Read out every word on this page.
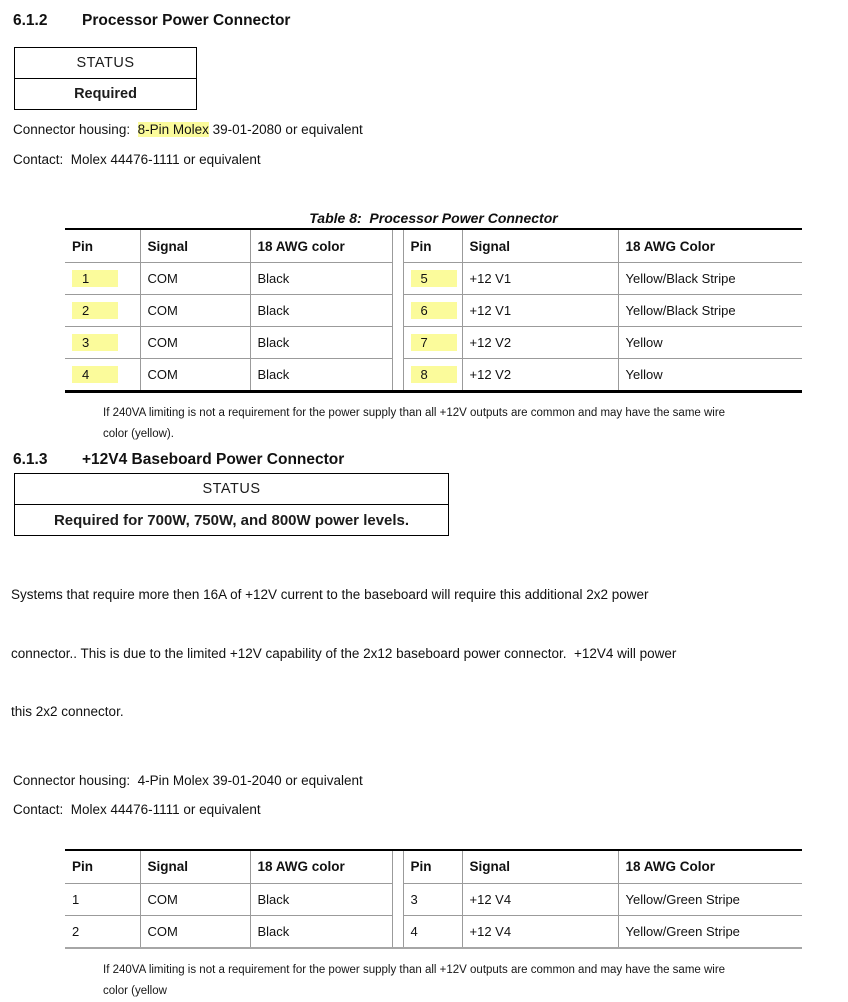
6.1.2	Processor Power Connector
STATUS
Required
Connector housing:  8-Pin Molex 39-01-2080 or equivalent
Contact:  Molex 44476-1111 or equivalent
Table 8:  Processor Power Connector
Pin	Signal	18 AWG color		Pin	Signal	18 AWG Color
1	COM	Black		5	+12 V1	Yellow/Black Stripe
2	COM	Black		6	+12 V1	Yellow/Black Stripe
3	COM	Black		7	+12 V2	Yellow
4	COM	Black		8	+12 V2	Yellow
If 240VA limiting is not a requirement for the power supply than all +12V outputs are common and may have the same wire
color (yellow).
6.1.3	+12V4 Baseboard Power Connector
STATUS
Required for 700W, 750W, and 800W power levels.

Systems that require more then 16A of +12V current to the baseboard will require this additional 2x2 power

connector.. This is due to the limited +12V capability of the 2x12 baseboard power connector.  +12V4 will power

this 2x2 connector.

Connector housing:  4-Pin Molex 39-01-2040 or equivalent
Contact:  Molex 44476-1111 or equivalent
Pin	Signal	18 AWG color		Pin	Signal	18 AWG Color
1	COM	Black		3	+12 V4	Yellow/Green Stripe
2	COM	Black		4	+12 V4	Yellow/Green Stripe
If 240VA limiting is not a requirement for the power supply than all +12V outputs are common and may have the same wire
color (yellow
